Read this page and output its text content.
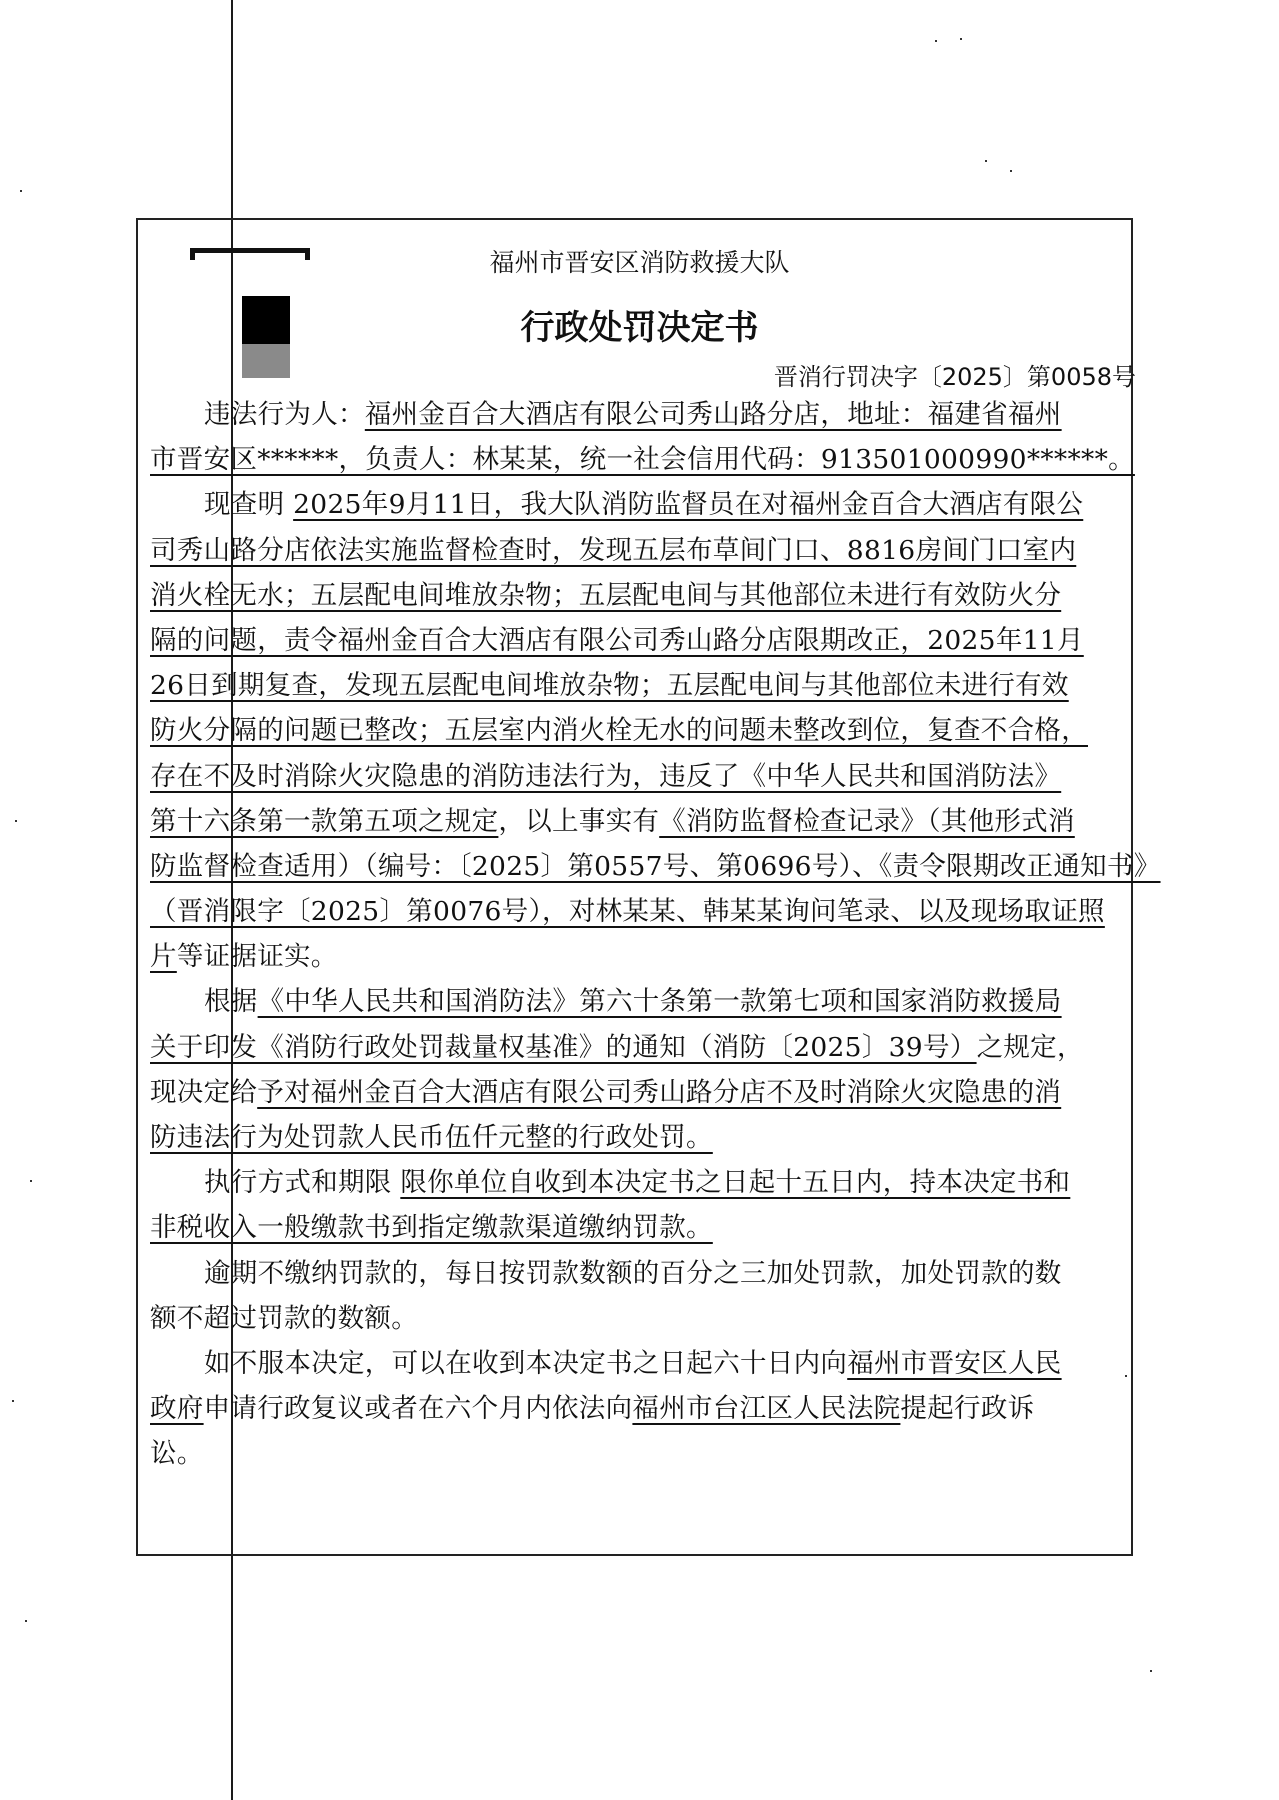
福州市晋安区消防救援大队
行政处罚决定书
晋消行罚决字〔2025〕第0058号
违法行为人：福州金百合大酒店有限公司秀山路分店，地址：福建省福州
市晋安区******，负责人：林某某，统一社会信用代码：913501000990******。
现查明 2025年9月11日，我大队消防监督员在对福州金百合大酒店有限公
司秀山路分店依法实施监督检查时，发现五层布草间门口、8816房间门口室内
消火栓无水；五层配电间堆放杂物；五层配电间与其他部位未进行有效防火分
隔的问题，责令福州金百合大酒店有限公司秀山路分店限期改正，2025年11月
26日到期复查，发现五层配电间堆放杂物；五层配电间与其他部位未进行有效
防火分隔的问题已整改；五层室内消火栓无水的问题未整改到位，复查不合格，
存在不及时消除火灾隐患的消防违法行为，违反了《中华人民共和国消防法》
第十六条第一款第五项之规定，以上事实有《消防监督检查记录》（其他形式消
防监督检查适用）（编号：〔2025〕第0557号、第0696号）、《责令限期改正通知书》
（晋消限字〔2025〕第0076号），对林某某、韩某某询问笔录、以及现场取证照
片等证据证实。
根据《中华人民共和国消防法》第六十条第一款第七项和国家消防救援局
关于印发《消防行政处罚裁量权基准》的通知（消防〔2025〕39号）之规定，
现决定给予对福州金百合大酒店有限公司秀山路分店不及时消除火灾隐患的消
防违法行为处罚款人民币伍仟元整的行政处罚。
执行方式和期限 限你单位自收到本决定书之日起十五日内，持本决定书和
非税收入一般缴款书到指定缴款渠道缴纳罚款。
逾期不缴纳罚款的，每日按罚款数额的百分之三加处罚款，加处罚款的数
额不超过罚款的数额。
如不服本决定，可以在收到本决定书之日起六十日内向福州市晋安区人民
政府申请行政复议或者在六个月内依法向福州市台江区人民法院提起行政诉
讼。
